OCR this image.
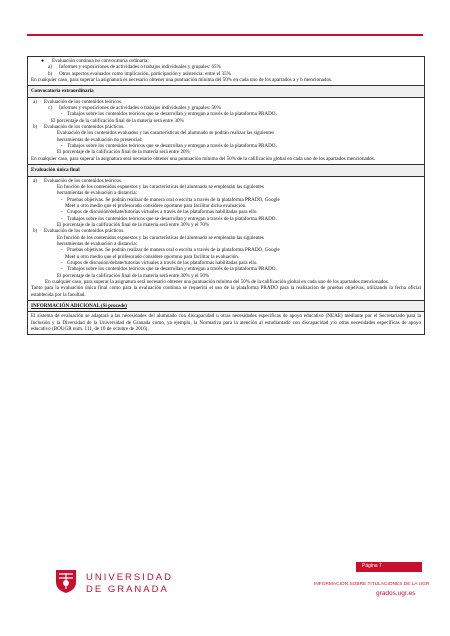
●	Evaluación continua no convocatoria ordinaria:
a)	Informes y exposiciones de actividades o trabajos individuales y grupales: 65%
b)	Otros aspectos evaluados como implicación, participación y asistencia: entre el 35%
En cualquier caso, para superar la asignatura es necesario obtener una puntuación mínima del 50% en cada uno de los apartados a y b mencionados.
Convocatoria extraordinaria
a)	Evaluación de los contenidos teóricos.
c)	Informes y exposiciones de actividades o trabajos individuales y grupales: 50%
- Trabajos sobre los contenidos teóricos que se desarrollan y entregan a través de la plataforma PRADO.
El porcentaje de la calificación final de la materia será entre 30%
b)	Evaluación de los contenidos prácticos.
Evaluación de los contenidos evaluados y las características del alumnado se podrán realizar las siguientes
herramientas de evaluación no presencial:
- Trabajos sobre los contenidos teóricos que se desarrollan y entregan a través de la plataforma PRADO.
El porcentaje de la calificación final de la materia será entre 20%
En cualquier caso, para superar la asignatura será necesario obtener una puntuación mínima del 50% de la calificación global en cada uno de los apartados mencionados.
Evaluación única final
a)	Evaluación de los contenidos teóricos.
En función de los contenidos expuestos y las características del alumnado se emplearán las siguientes
herramientas de evaluación a distancia:
- Pruebas objetivas. Se podrán realizar de manera oral o escrita a través de la plataforma PRADO, Google
Meet u otro medio que el profesorado considere oportuno para facilitar dicha evaluación.
- Grupos de discusión/debate/tutorías virtuales a través de las plataformas habilitadas para ello.
- Trabajos sobre los contenidos teóricos que se desarrollan y entregan a través de la plataforma PRADO.
El porcentaje de la calificación final de la materia será entre 30% y el 70%
b)	Evaluación de los contenidos prácticos.
En función de los contenidos expuestos y las características del alumnado se emplearán las siguientes
herramientas de evaluación a distancia:
- Pruebas objetivas. Se podrán realizar de manera oral o escrita a través de la plataforma PRADO, Google
Meet u otro medio que el profesorado considere oportuno para facilitar la evaluación.
- Grupos de discusión/debate/tutorías virtuales a través de las plataformas habilitadas para ello.
- Trabajos sobre los contenidos teóricos que se desarrollan y entregan a través de la plataforma PRADO.
El porcentaje de la calificación final de la materia será entre 30% y el 50%
En cualquier caso, para superar la asignatura será necesario obtener una puntuación mínima del 50% de la calificación global en cada uno de los apartados mencionados.
Tanto para la evaluación única final como para la evaluación continua se requerirá el uso de la plataforma PRADO para la realización de pruebas objetivas, utilizando la fecha oficial establecida por la facultad.
INFORMACIÓN ADICIONAL (Si procede)
El sistema de evaluación se adaptará a las necesidades del alumnado con discapacidad u otras necesidades específicas de apoyo educativo (NEAE) mediante por el Secretariado para la Inclusión y la Diversidad de la Universidad de Granada como, ya ejemplo, la Normativa para la atención al estudiantado con discapacidad y/o otras necesidades específicas de apoyo educativo (BOUGR núm. 111, de 10 de octubre de 2016).
UNIVERSIDAD
DE GRANADA
Página 7
INFORMACIÓN SOBRE TITULACIONES DE LA UGR
grados.ugr.es
